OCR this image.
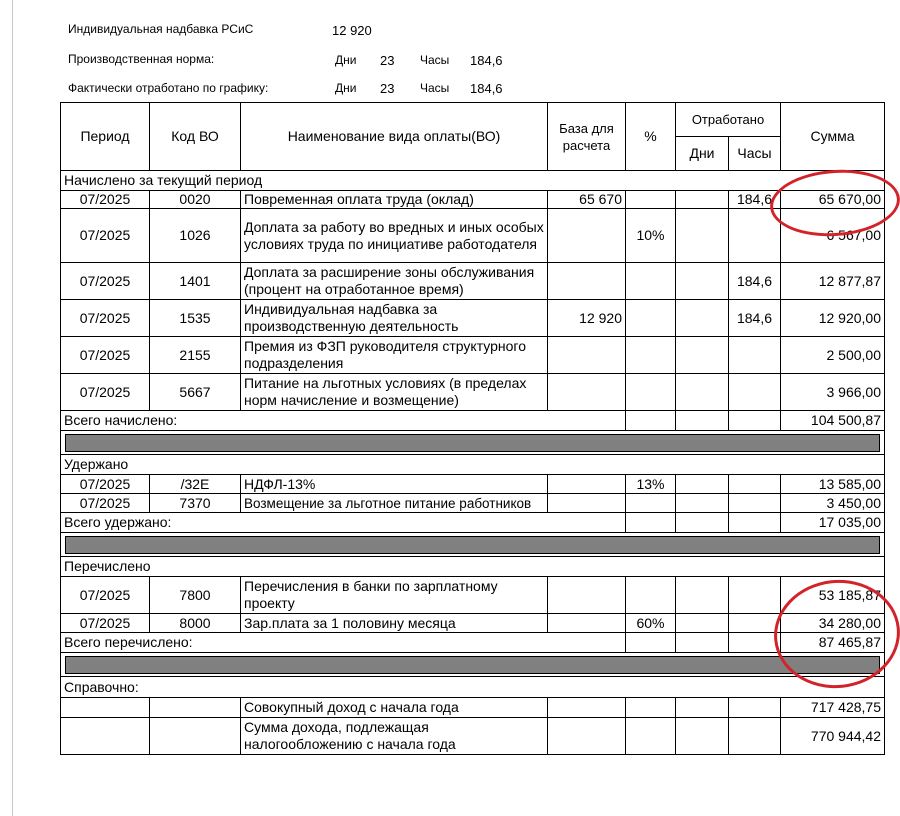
Индивидуальная надбавка РСиС	12 920
Производственная норма:	Дни 23 Часы 184,6
Фактически отработано по графику:	Дни 23 Часы 184,6
Период	Код ВО	Наименование вида оплаты(ВО)	База для расчета	%	Отработано		Сумма
					Дни	Часы	
Начислено за текущий период							
07/2025	0020	Повременная оплата труда (оклад)	65 670			184,6	65 670,00
07/2025	1026	Доплата за работу во вредных и иных особых условиях труда по инициативе работодателя		10%			6 567,00
07/2025	1401	Доплата за расширение зоны обслуживания (процент на отработанное время)				184,6	12 877,87
07/2025	1535	Индивидуальная надбавка за производственную деятельность	12 920			184,6	12 920,00
07/2025	2155	Премия из ФЗП руководителя структурного подразделения					2 500,00
07/2025	5667	Питание на льготных условиях (в пределах норм начисление и возмещение)					3 966,00
Всего начислено:							104 500,87

Удержано							
07/2025	/32E	НДФЛ-13%		13%			13 585,00
07/2025	7370	Возмещение за льготное питание работников					3 450,00
Всего удержано:							17 035,00

Перечислено							
07/2025	7800	Перечисления в банки по зарплатному проекту					53 185,87
07/2025	8000	Зар.плата за 1 половину месяца		60%			34 280,00
Всего перечислено:							87 465,87

Справочно:							
		Совокупный доход с начала года					717 428,75
		Сумма дохода, подлежащая налогообложению с начала года					770 944,42
